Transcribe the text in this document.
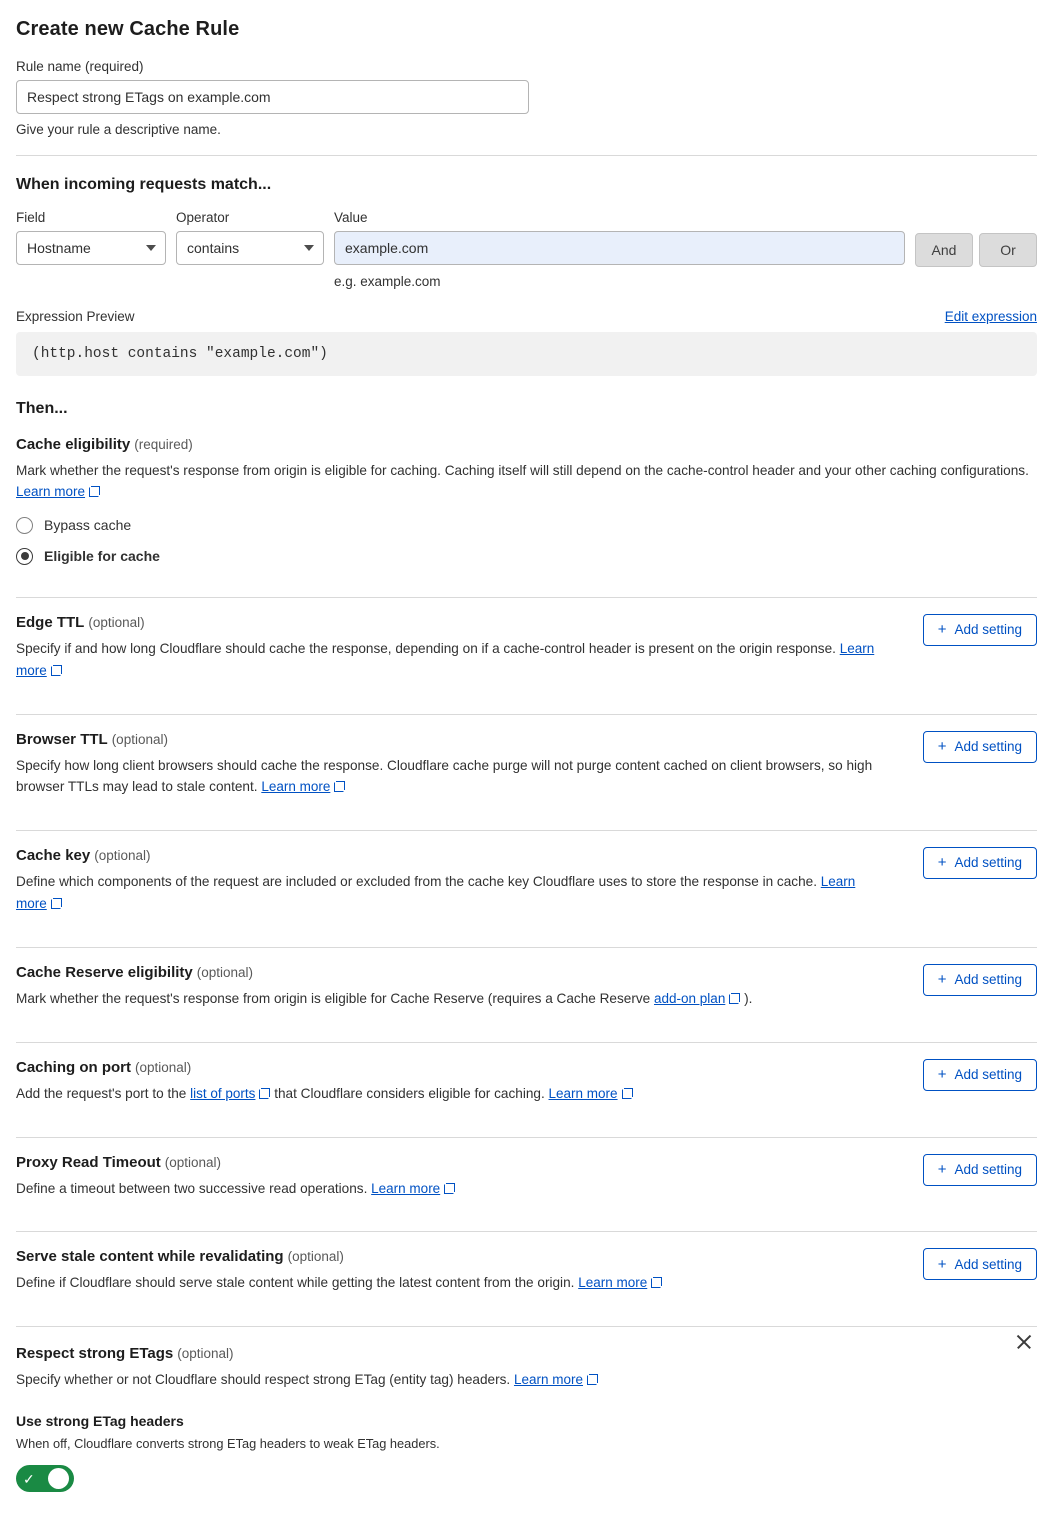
Create new Cache Rule
Rule name (required)
Respect strong ETags on example.com
Give your rule a descriptive name.
When incoming requests match...
Field
Hostname
Operator
contains
Value
example.com
e.g. example.com
And	Or
Expression Preview	Edit expression
(http.host contains "example.com")
Then...
Cache eligibility (required)
Mark whether the request's response from origin is eligible for caching. Caching itself will still depend on the cache-control header and your other caching configurations. Learn more
Bypass cache
Eligible for cache
Edge TTL (optional)
Specify if and how long Cloudflare should cache the response, depending on if a cache-control header is present on the origin response. Learn more
+ Add setting
Browser TTL (optional)
Specify how long client browsers should cache the response. Cloudflare cache purge will not purge content cached on client browsers, so high browser TTLs may lead to stale content. Learn more
+ Add setting
Cache key (optional)
Define which components of the request are included or excluded from the cache key Cloudflare uses to store the response in cache. Learn more
+ Add setting
Cache Reserve eligibility (optional)
Mark whether the request's response from origin is eligible for Cache Reserve (requires a Cache Reserve add-on plan ).
+ Add setting
Caching on port (optional)
Add the request's port to the list of ports that Cloudflare considers eligible for caching. Learn more
+ Add setting
Proxy Read Timeout (optional)
Define a timeout between two successive read operations. Learn more
+ Add setting
Serve stale content while revalidating (optional)
Define if Cloudflare should serve stale content while getting the latest content from the origin. Learn more
+ Add setting
Respect strong ETags (optional)
Specify whether or not Cloudflare should respect strong ETag (entity tag) headers. Learn more
Use strong ETag headers
When off, Cloudflare converts strong ETag headers to weak ETag headers.
✓
